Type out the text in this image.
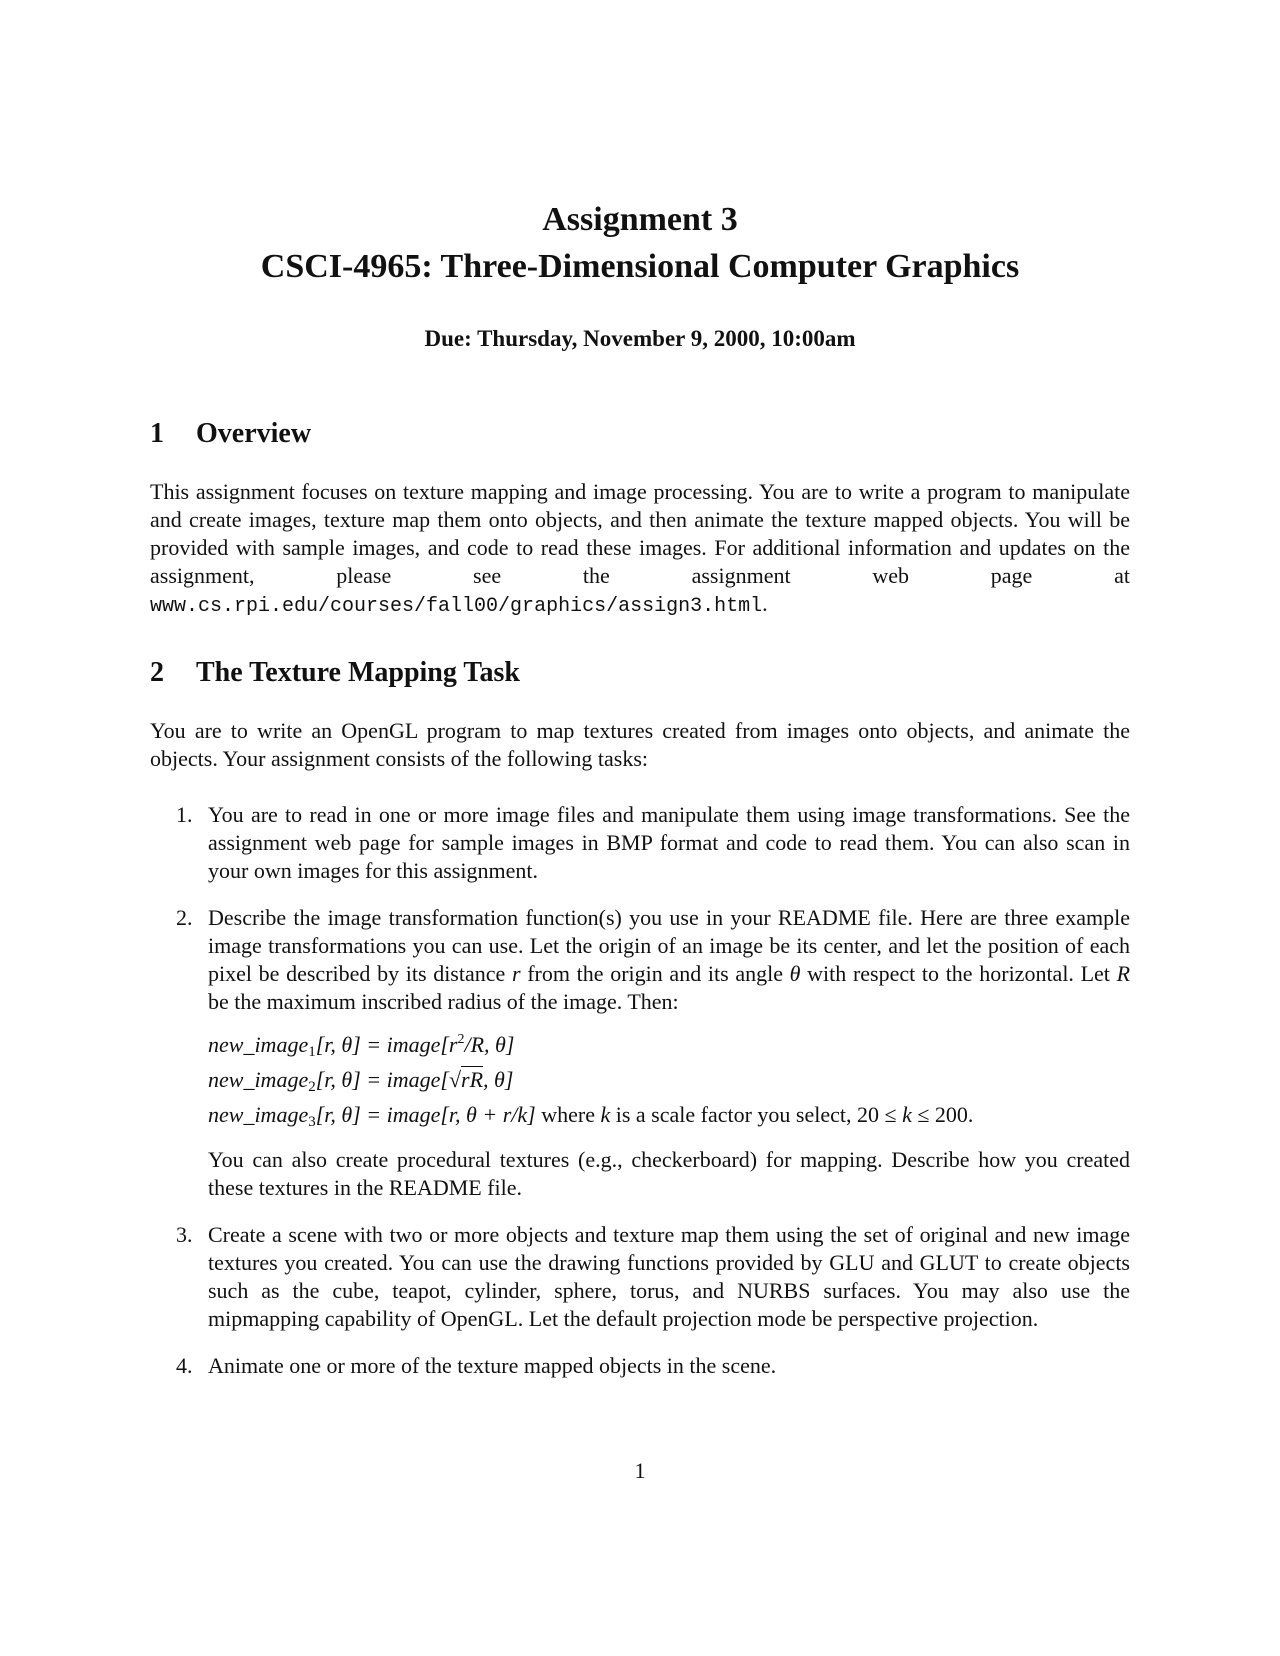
Assignment 3
CSCI-4965: Three-Dimensional Computer Graphics
Due: Thursday, November 9, 2000, 10:00am
1	Overview

This assignment focuses on texture mapping and image processing. You are to write a program to manipulate and create images, texture map them onto objects, and then animate the texture mapped objects. You will be provided with sample images, and code to read these images. For additional information and updates on the assignment, please see the assignment web page at www.cs.rpi.edu/courses/fall00/graphics/assign3.html.

2	The Texture Mapping Task

You are to write an OpenGL program to map textures created from images onto objects, and animate the objects. Your assignment consists of the following tasks:

1. You are to read in one or more image files and manipulate them using image transformations. See the assignment web page for sample images in BMP format and code to read them. You can also scan in your own images for this assignment.
2. Describe the image transformation function(s) you use in your README file. Here are three example image transformations you can use. Let the origin of an image be its center, and let the position of each pixel be described by its distance r from the origin and its angle θ with respect to the horizontal. Let R be the maximum inscribed radius of the image. Then:
new_image$_1$[r, $\theta] = image[r^2/R$, θ]
new_image$_2$[r, θ] = image[√rR, θ]
new_image$_3$[r, θ] = image[r, θ + r/k] where k is a scale factor you select, 20 ≤ k ≤ 200.
You can also create procedural textures (e.g., checkerboard) for mapping. Describe how you created these textures in the README file.
3. Create a scene with two or more objects and texture map them using the set of original and new image textures you created. You can use the drawing functions provided by GLU and GLUT to create objects such as the cube, teapot, cylinder, sphere, torus, and NURBS surfaces. You may also use the mipmapping capability of OpenGL. Let the default projection mode be perspective projection.
4. Animate one or more of the texture mapped objects in the scene.
1
